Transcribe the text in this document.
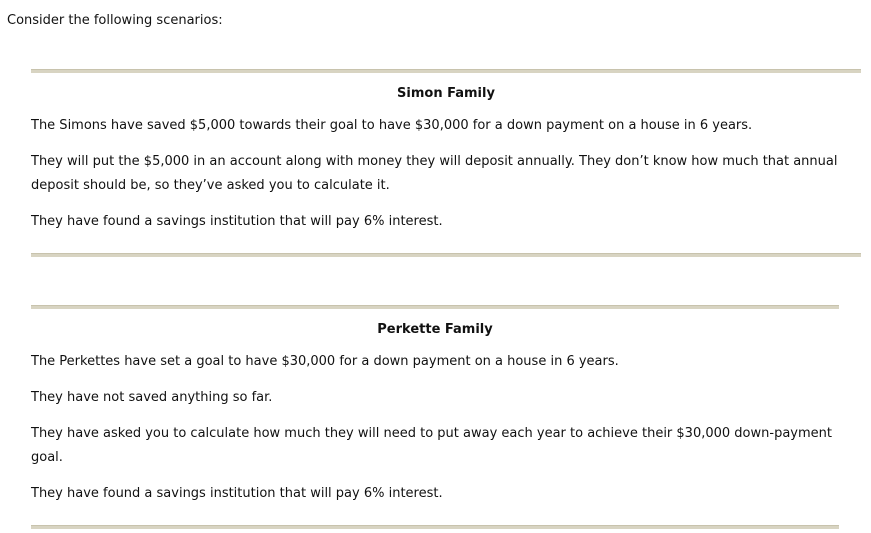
Consider the following scenarios:

Simon Family

The Simons have saved $5,000 towards their goal to have $30,000 for a down payment on a house in 6 years.

They will put the $5,000 in an account along with money they will deposit annually. They don’t know how much that annual deposit should be, so they’ve asked you to calculate it.

They have found a savings institution that will pay 6% interest.

Perkette Family

The Perkettes have set a goal to have $30,000 for a down payment on a house in 6 years.

They have not saved anything so far.

They have asked you to calculate how much they will need to put away each year to achieve their $30,000 down-payment goal.

They have found a savings institution that will pay 6% interest.
